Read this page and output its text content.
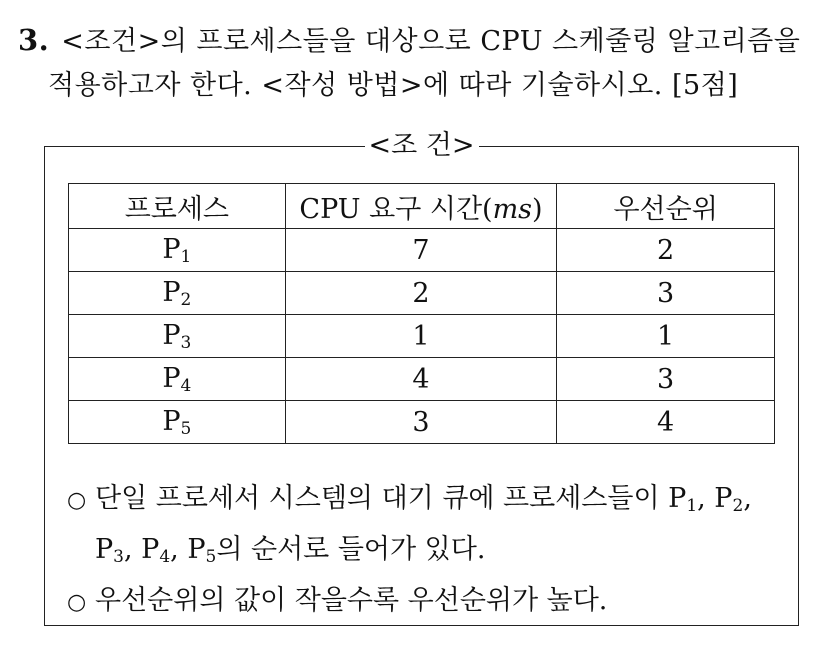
3. <조건>의 프로세스들을 대상으로 CPU 스케줄링 알고리즘을
적용하고자 한다. <작성 방법>에 따라 기술하시오. [5점]
<조 건>
프로세스	CPU 요구 시간(ms)	우선순위
$P_1$	7	2
$P_2$	2	3
$P_3$	1	1
$P_4$	4	3
$P_5$	3	4
○ 단일 프로세서 시스템의 대기 큐에 프로세스들이 $P_1$, $P_2$,
$P_3$, $P_4$, $P_5$의 순서로 들어가 있다.
○ 우선순위의 값이 작을수록 우선순위가 높다.
